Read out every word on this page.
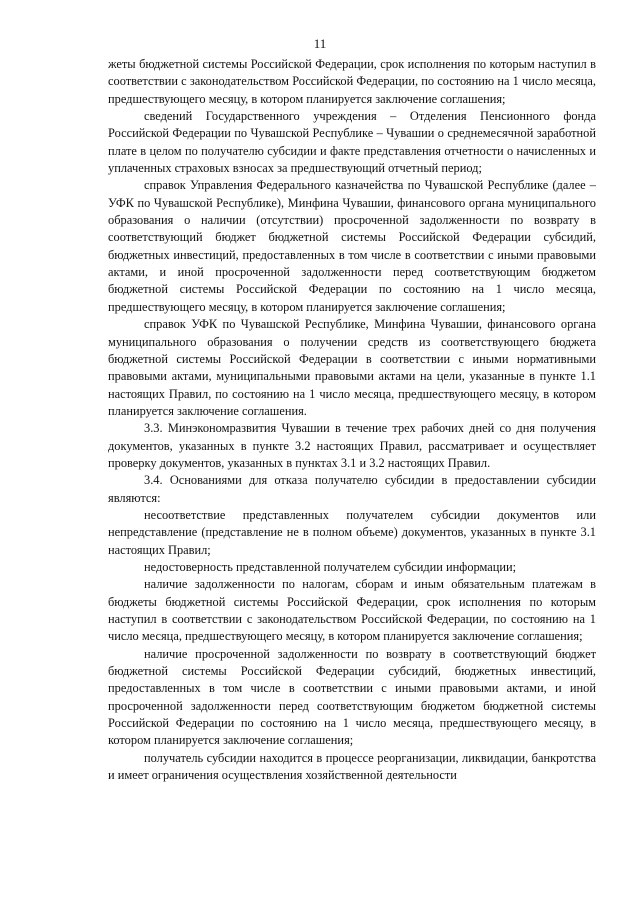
11

жеты бюджетной системы Российской Федерации, срок исполнения по которым наступил в соответствии с законодательством Российской Федерации, по состоянию на 1 число месяца, предшествующего месяцу, в котором планируется заключение соглашения;

сведений Государственного учреждения – Отделения Пенсионного фонда Российской Федерации по Чувашской Республике – Чувашии о среднемесячной заработной плате в целом по получателю субсидии и факте представления отчетности о начисленных и уплаченных страховых взносах за предшествующий отчетный период;

справок Управления Федерального казначейства по Чувашской Республике (далее – УФК по Чувашской Республике), Минфина Чувашии, финансового органа муниципального образования о наличии (отсутствии) просроченной задолженности по возврату в соответствующий бюджет бюджетной системы Российской Федерации субсидий, бюджетных инвестиций, предоставленных в том числе в соответствии с иными правовыми актами, и иной просроченной задолженности перед соответствующим бюджетом бюджетной системы Российской Федерации по состоянию на 1 число месяца, предшествующего месяцу, в котором планируется заключение соглашения;

справок УФК по Чувашской Республике, Минфина Чувашии, финансового органа муниципального образования о получении средств из соответствующего бюджета бюджетной системы Российской Федерации в соответствии с иными нормативными правовыми актами, муниципальными правовыми актами на цели, указанные в пункте 1.1 настоящих Правил, по состоянию на 1 число месяца, предшествующего месяцу, в котором планируется заключение соглашения.

3.3. Минэкономразвития Чувашии в течение трех рабочих дней со дня получения документов, указанных в пункте 3.2 настоящих Правил, рассматривает и осуществляет проверку документов, указанных в пунктах 3.1 и 3.2 настоящих Правил.

3.4. Основаниями для отказа получателю субсидии в предоставлении субсидии являются:

несоответствие представленных получателем субсидии документов или непредставление (представление не в полном объеме) документов, указанных в пункте 3.1 настоящих Правил;

недостоверность представленной получателем субсидии информации;

наличие задолженности по налогам, сборам и иным обязательным платежам в бюджеты бюджетной системы Российской Федерации, срок исполнения по которым наступил в соответствии с законодательством Российской Федерации, по состоянию на 1 число месяца, предшествующего месяцу, в котором планируется заключение соглашения;

наличие просроченной задолженности по возврату в соответствующий бюджет бюджетной системы Российской Федерации субсидий, бюджетных инвестиций, предоставленных в том числе в соответствии с иными правовыми актами, и иной просроченной задолженности перед соответствующим бюджетом бюджетной системы Российской Федерации по состоянию на 1 число месяца, предшествующего месяцу, в котором планируется заключение соглашения;

получатель субсидии находится в процессе реорганизации, ликвидации, банкротства и имеет ограничения осуществления хозяйственной деятельности
